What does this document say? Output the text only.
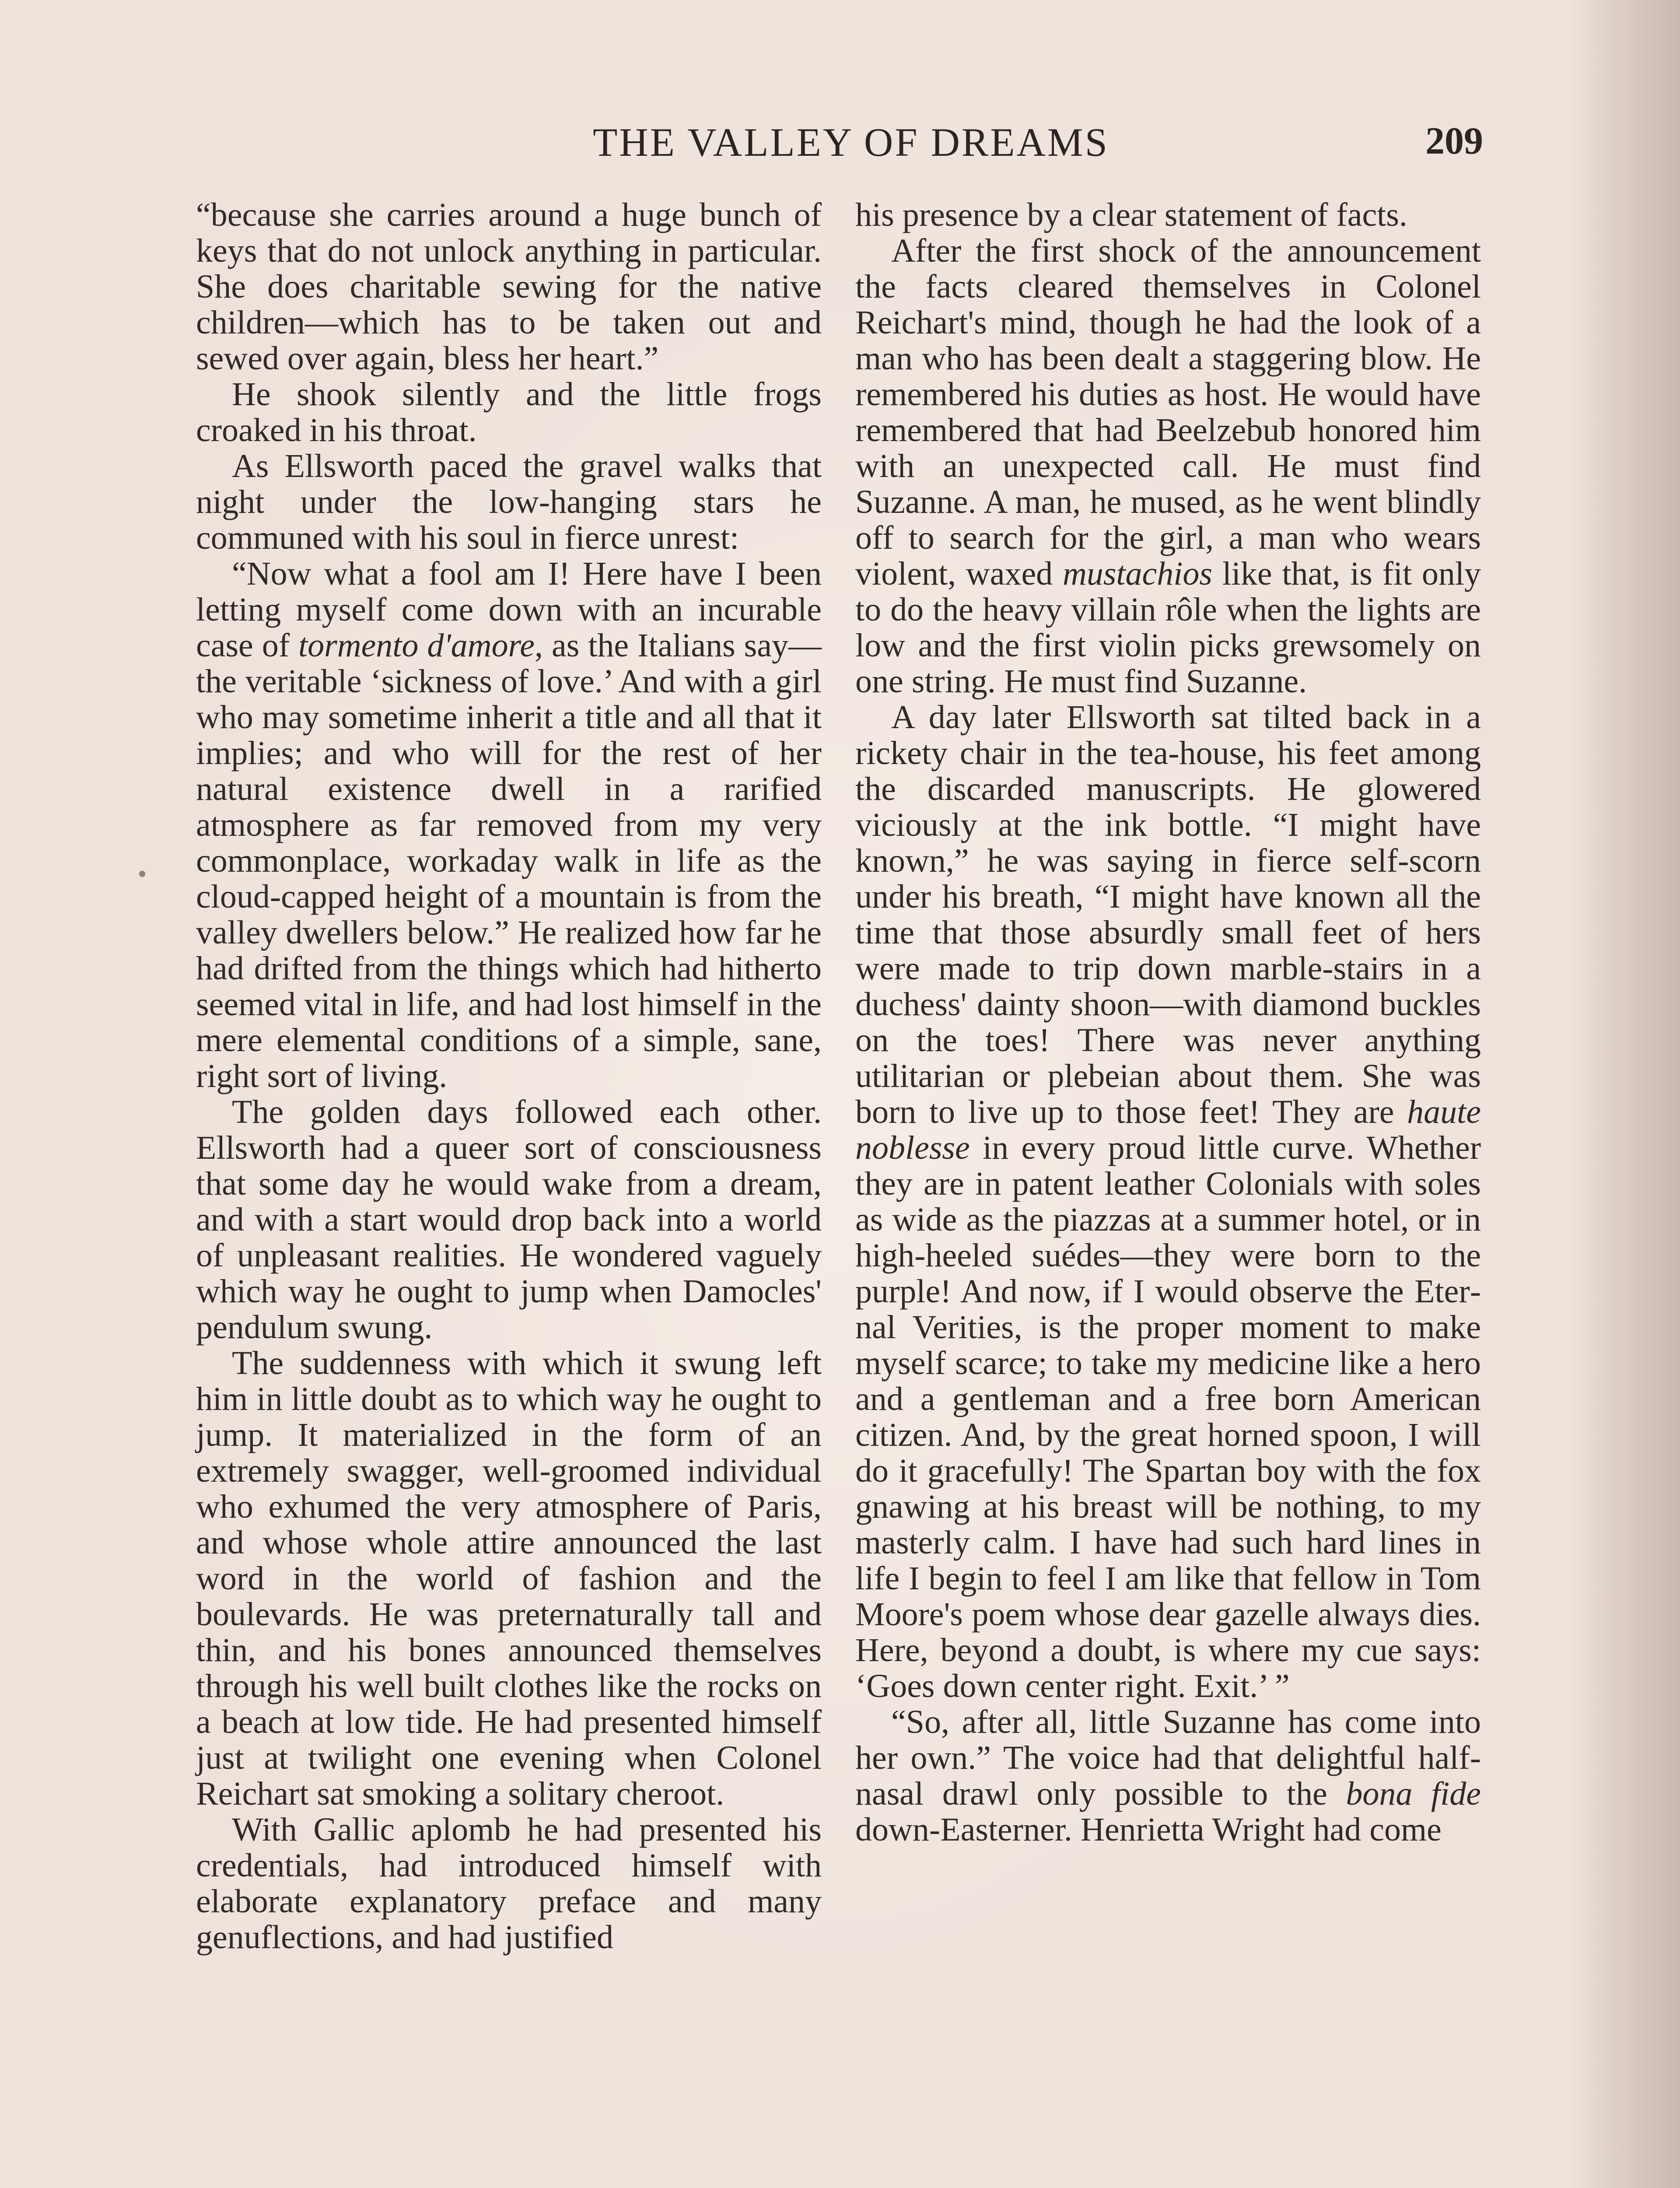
THE VALLEY OF DREAMS	209

“because she carries around a huge bunch of keys that do not unlock anything in particular. She does charitable sewing for the native children—which has to be taken out and sewed over again, bless her heart.”

He shook silently and the little frogs croaked in his throat.

As Ellsworth paced the gravel walks that night under the low-hanging stars he communed with his soul in fierce unrest:

“Now what a fool am I! Here have I been letting myself come down with an incurable case of tormento d'amore, as the Italians say—the veritable ‘sickness of love.’ And with a girl who may sometime inherit a title and all that it implies; and who will for the rest of her natural existence dwell in a rarified atmosphere as far removed from my very commonplace, workaday walk in life as the cloud-capped height of a mountain is from the valley dwellers below.” He realized how far he had drifted from the things which had hitherto seemed vital in life, and had lost himself in the mere elemental conditions of a simple, sane, right sort of living.

The golden days followed each other. Ellsworth had a queer sort of consciousness that some day he would wake from a dream, and with a start would drop back into a world of unpleasant realities. He wondered vaguely which way he ought to jump when Damocles' pendulum swung.

The suddenness with which it swung left him in little doubt as to which way he ought to jump. It materialized in the form of an extremely swagger, well-groomed individual who exhumed the very atmosphere of Paris, and whose whole attire announced the last word in the world of fashion and the boulevards. He was preternaturally tall and thin, and his bones announced themselves through his well built clothes like the rocks on a beach at low tide. He had presented himself just at twilight one evening when Colonel Reichart sat smoking a solitary cheroot.

With Gallic aplomb he had presented his credentials, had introduced himself with elaborate explanatory preface and many genuflections, and had justified

his presence by a clear statement of facts.

After the first shock of the announcement the facts cleared themselves in Colonel Reichart's mind, though he had the look of a man who has been dealt a staggering blow. He remembered his duties as host. He would have remembered that had Beelzebub honored him with an unexpected call. He must find Suzanne. A man, he mused, as he went blindly off to search for the girl, a man who wears violent, waxed mustachios like that, is fit only to do the heavy villain rôle when the lights are low and the first violin picks grewsomely on one string. He must find Suzanne.

A day later Ellsworth sat tilted back in a rickety chair in the tea-house, his feet among the discarded manuscripts. He glowered viciously at the ink bottle. “I might have known,” he was saying in fierce self-scorn under his breath, “I might have known all the time that those absurdly small feet of hers were made to trip down marble-stairs in a duchess' dainty shoon—with diamond buckles on the toes! There was never anything utilitarian or plebeian about them. She was born to live up to those feet! They are haute noblesse in every proud little curve. Whether they are in patent leather Colonials with soles as wide as the piazzas at a summer hotel, or in high-heeled suédes—they were born to the purple! And now, if I would observe the Eternal Verities, is the proper moment to make myself scarce; to take my medicine like a hero and a gentleman and a free born American citizen. And, by the great horned spoon, I will do it gracefully! The Spartan boy with the fox gnawing at his breast will be nothing, to my masterly calm. I have had such hard lines in life I begin to feel I am like that fellow in Tom Moore's poem whose dear gazelle always dies. Here, beyond a doubt, is where my cue says: ‘Goes down center right. Exit.’ ”

“So, after all, little Suzanne has come into her own.” The voice had that delightful half-nasal drawl only possible to the bona fide down-Easterner. Henrietta Wright had come
